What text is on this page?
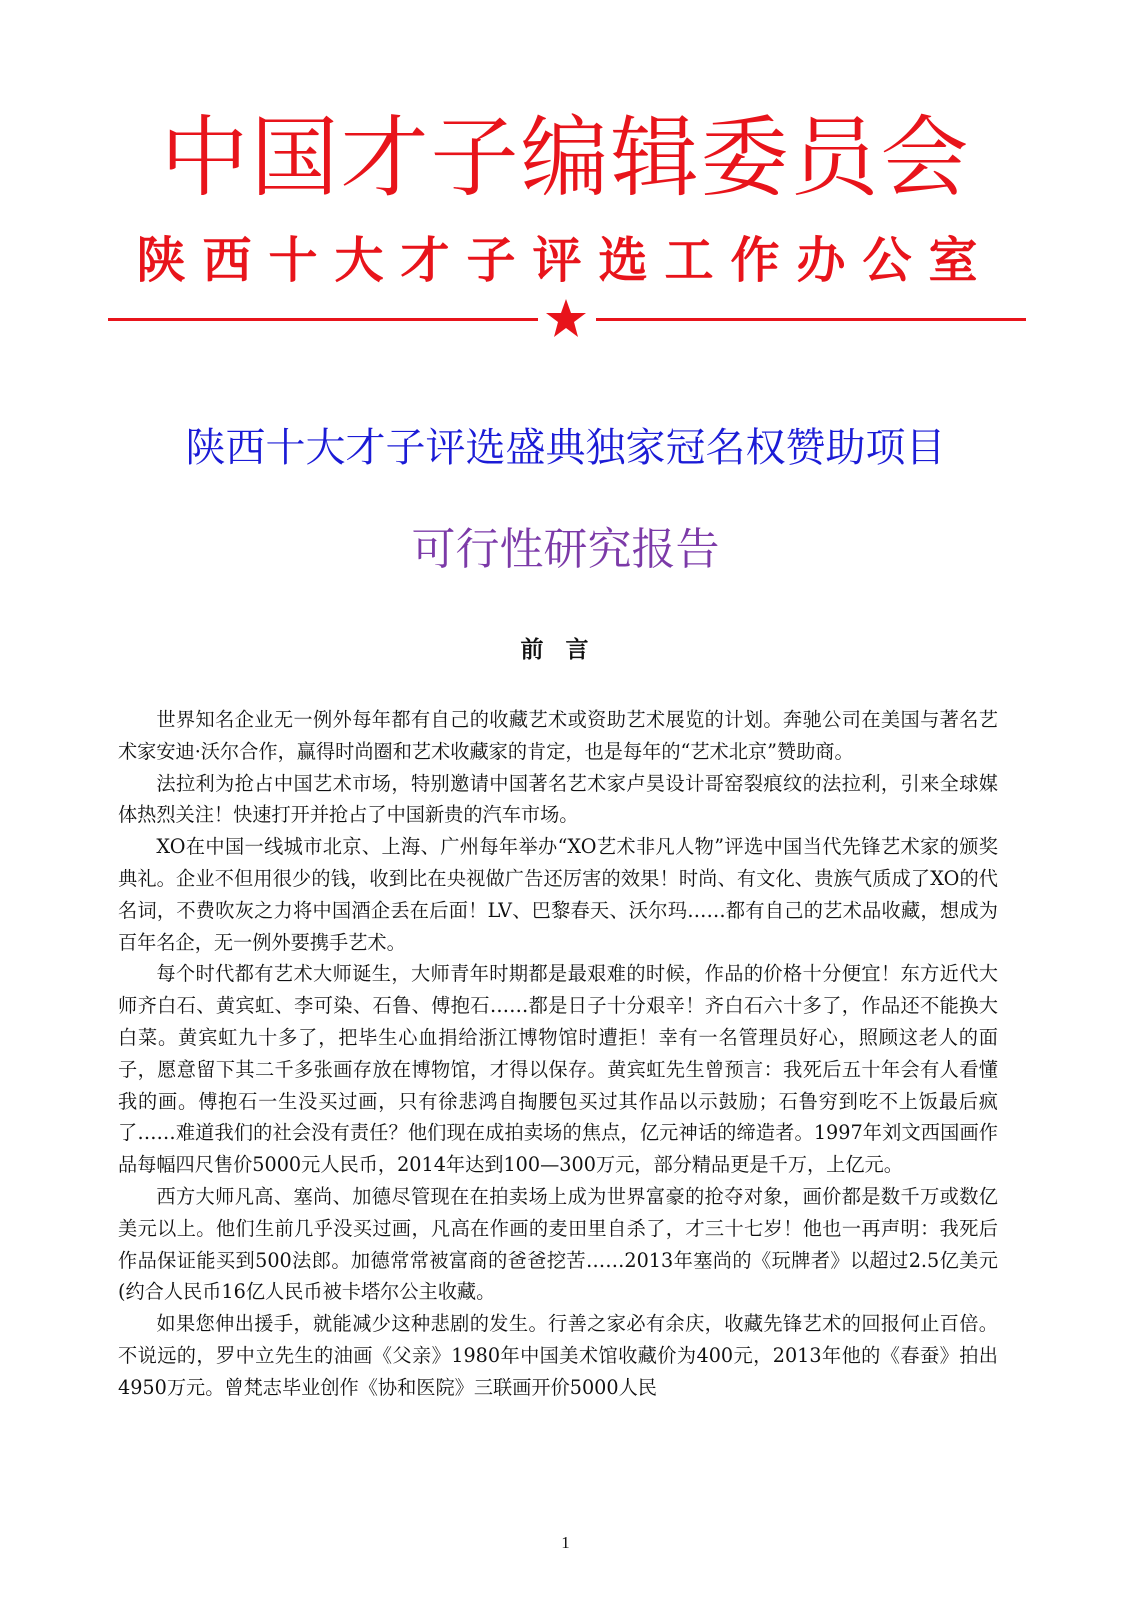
中国才子编辑委员会
陕西十大才子评选工作办公室
陕西十大才子评选盛典独家冠名权赞助项目
可行性研究报告
前言

世界知名企业无一例外每年都有自己的收藏艺术或资助艺术展览的计划。奔驰公司在美国与著名艺术家安迪·沃尔合作，赢得时尚圈和艺术收藏家的肯定，也是每年的“艺术北京”赞助商。

法拉利为抢占中国艺术市场，特别邀请中国著名艺术家卢昊设计哥窑裂痕纹的法拉利，引来全球媒体热烈关注！快速打开并抢占了中国新贵的汽车市场。

XO在中国一线城市北京、上海、广州每年举办“XO艺术非凡人物”评选中国当代先锋艺术家的颁奖典礼。企业不但用很少的钱，收到比在央视做广告还厉害的效果！时尚、有文化、贵族气质成了XO的代名词，不费吹灰之力将中国酒企丢在后面！LV、巴黎春天、沃尔玛……都有自己的艺术品收藏，想成为百年名企，无一例外要携手艺术。

每个时代都有艺术大师诞生，大师青年时期都是最艰难的时候，作品的价格十分便宜！东方近代大师齐白石、黄宾虹、李可染、石鲁、傅抱石……都是日子十分艰辛！齐白石六十多了，作品还不能换大白菜。黄宾虹九十多了，把毕生心血捐给浙江博物馆时遭拒！幸有一名管理员好心，照顾这老人的面子，愿意留下其二千多张画存放在博物馆，才得以保存。黄宾虹先生曾预言：我死后五十年会有人看懂我的画。傅抱石一生没买过画，只有徐悲鸿自掏腰包买过其作品以示鼓励；石鲁穷到吃不上饭最后疯了……难道我们的社会没有责任？他们现在成拍卖场的焦点，亿元神话的缔造者。1997年刘文西国画作品每幅四尺售价5000元人民币，2014年达到100—300万元，部分精品更是千万，上亿元。

西方大师凡高、塞尚、加德尽管现在在拍卖场上成为世界富豪的抢夺对象，画价都是数千万或数亿美元以上。他们生前几乎没买过画，凡高在作画的麦田里自杀了，才三十七岁！他也一再声明：我死后作品保证能买到500法郎。加德常常被富商的爸爸挖苦……2013年塞尚的《玩牌者》以超过2.5亿美元(约合人民币16亿人民币被卡塔尔公主收藏。

如果您伸出援手，就能减少这种悲剧的发生。行善之家必有余庆，收藏先锋艺术的回报何止百倍。不说远的，罗中立先生的油画《父亲》1980年中国美术馆收藏价为400元，2013年他的《春蚕》拍出4950万元。曾梵志毕业创作《协和医院》三联画开价5000人民

1
